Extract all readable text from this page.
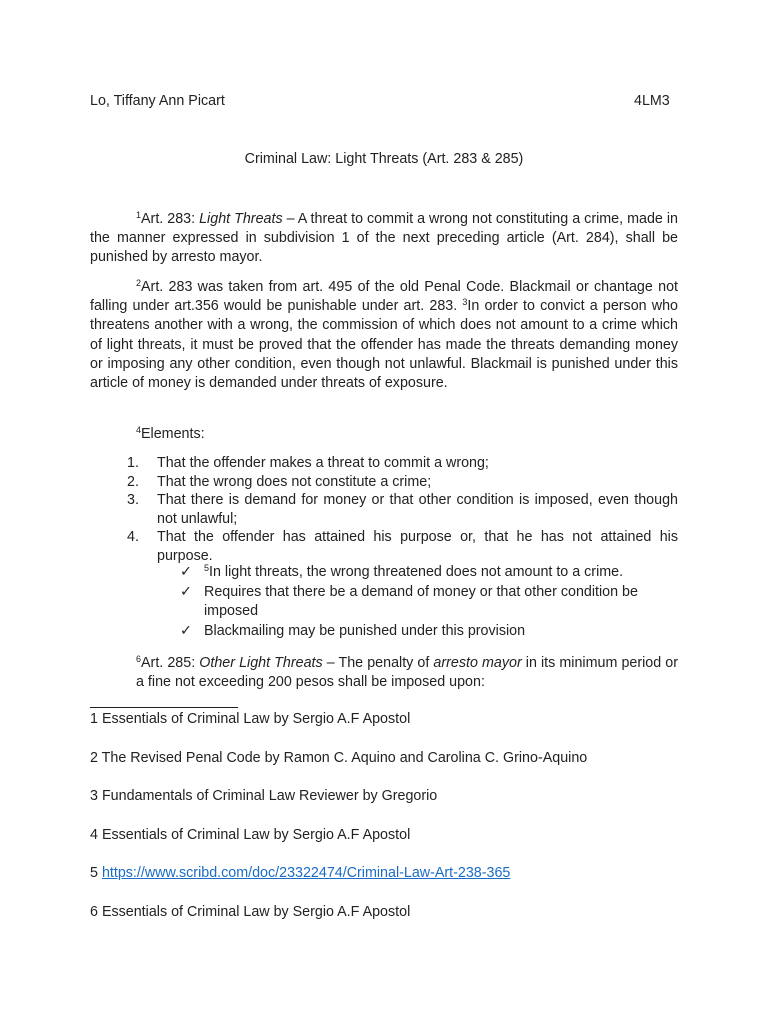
Lo, Tiffany Ann Picart	4LM3
Criminal Law: Light Threats (Art. 283 & 285)
$^1$Art. 283: Light Threats – A threat to commit a wrong not constituting a crime, made in the manner expressed in subdivision 1 of the next preceding article (Art. 284), shall be punished by arresto mayor.
$^2$Art. 283 was taken from art. 495 of the old Penal Code. Blackmail or chantage not falling under art.356 would be punishable under art. 283. $^3$In order to convict a person who threatens another with a wrong, the commission of which does not amount to a crime which of light threats, it must be proved that the offender has made the threats demanding money or imposing any other condition, even though not unlawful. Blackmail is punished under this article of money is demanded under threats of exposure.
$^4$Elements:
1.	That the offender makes a threat to commit a wrong;
2.	That the wrong does not constitute a crime;
3.	That there is demand for money or that other condition is imposed, even though not unlawful;
4.	That the offender has attained his purpose or, that he has not attained his purpose.
✓	$^5$In light threats, the wrong threatened does not amount to a crime.
✓ Requires that there be a demand of money or that other condition be imposed
✓ Blackmailing may be punished under this provision
$^6$Art. 285: Other Light Threats – The penalty of arresto mayor in its minimum period or a fine not exceeding 200 pesos shall be imposed upon:
1 Essentials of Criminal Law by Sergio A.F Apostol
2 The Revised Penal Code by Ramon C. Aquino and Carolina C. Grino-Aquino
3 Fundamentals of Criminal Law Reviewer by Gregorio
4 Essentials of Criminal Law by Sergio A.F Apostol
5 https://www.scribd.com/doc/23322474/Criminal-Law-Art-238-365
6 Essentials of Criminal Law by Sergio A.F Apostol
